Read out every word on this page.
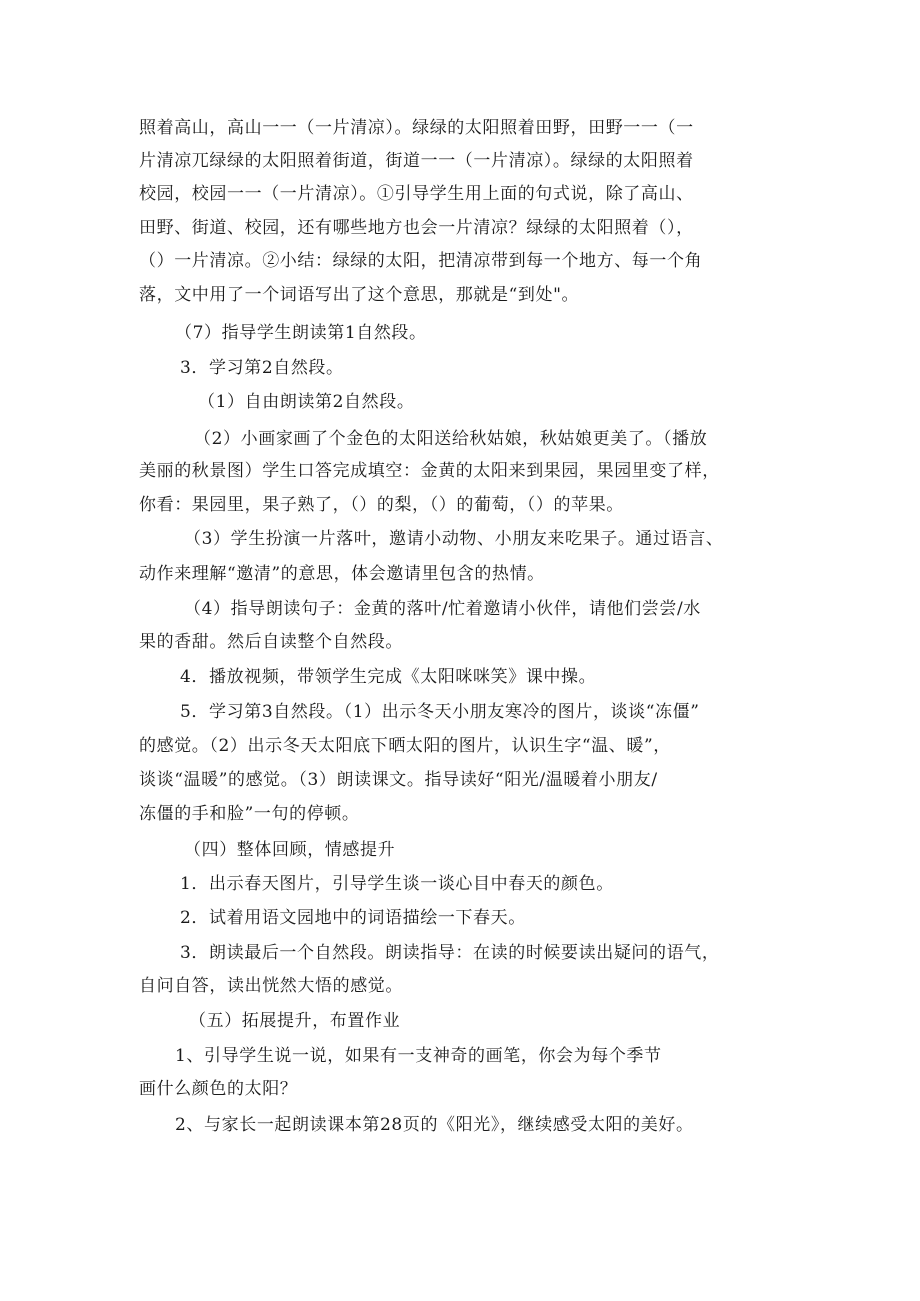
照着高山，高山一一（一片清凉）。绿绿的太阳照着田野，田野一一（一
片清凉兀绿绿的太阳照着街道，街道一一（一片清凉）。绿绿的太阳照着
校园，校园一一（一片清凉）。①引导学生用上面的句式说，除了高山、
田野、街道、校园，还有哪些地方也会一片清凉？绿绿的太阳照着（），
（）一片清凉。②小结：绿绿的太阳，把清凉带到每一个地方、每一个角
落，文中用了一个词语写出了这个意思，那就是“到处"。
（7）指导学生朗读第1自然段。
3．学习第2自然段。
（1）自由朗读第2自然段。
（2）小画家画了个金色的太阳送给秋姑娘，秋姑娘更美了。（播放
美丽的秋景图）学生口答完成填空：金黄的太阳来到果园，果园里变了样，
你看：果园里，果子熟了，（）的梨，（）的葡萄，（）的苹果。
（3）学生扮演一片落叶，邀请小动物、小朋友来吃果子。通过语言、
动作来理解“邀清”的意思，体会邀请里包含的热情。
（4）指导朗读句子：金黄的落叶/忙着邀请小伙伴，请他们尝尝/水
果的香甜。然后自读整个自然段。
4．播放视频，带领学生完成《太阳咪咪笑》课中操。
5．学习第3自然段。（1）出示冬天小朋友寒冷的图片，谈谈“冻僵”
的感觉。（2）出示冬天太阳底下晒太阳的图片，认识生字“温、暖”，
谈谈“温暖”的感觉。（3）朗读课文。指导读好“阳光/温暖着小朋友/
冻僵的手和脸”一句的停顿。
（四）整体回顾，情感提升
1．出示春天图片，引导学生谈一谈心目中春天的颜色。
2．试着用语文园地中的词语描绘一下春天。
3．朗读最后一个自然段。朗读指导：在读的时候要读出疑问的语气，
自问自答，读出恍然大悟的感觉。
（五）拓展提升，布置作业
1、引导学生说一说，如果有一支神奇的画笔，你会为每个季节
画什么颜色的太阳？
2、与家长一起朗读课本第28页的《阳光》，继续感受太阳的美好。
